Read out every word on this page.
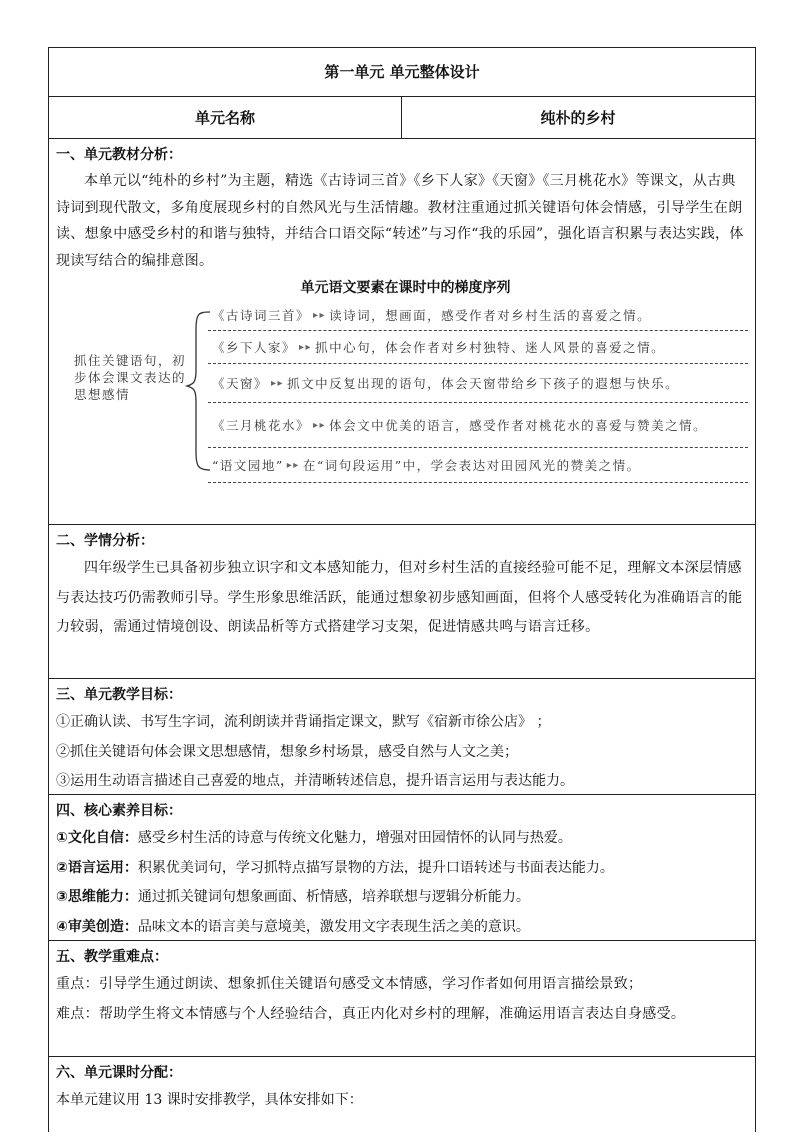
第一单元 单元整体设计
单元名称	纯朴的乡村
一、单元教材分析：
本单元以“纯朴的乡村”为主题，精选《古诗词三首》《乡下人家》《天窗》《三月桃花水》等课文，从古典诗词到现代散文，多角度展现乡村的自然风光与生活情趣。教材注重通过抓关键语句体会情感，引导学生在朗读、想象中感受乡村的和谐与独特，并结合口语交际“转述”与习作“我的乐园”，强化语言积累与表达实践，体现读写结合的编排意图。
单元语文要素在课时中的梯度序列
抓住关键语句，初步体会课文表达的思想感情
《古诗词三首》 ▸▸ 读诗词，想画面，感受作者对乡村生活的喜爱之情。
《乡下人家》 ▸▸ 抓中心句，体会作者对乡村独特、迷人风景的喜爱之情。
《天窗》 ▸▸ 抓文中反复出现的语句，体会天窗带给乡下孩子的遐想与快乐。
《三月桃花水》 ▸▸ 体会文中优美的语言，感受作者对桃花水的喜爱与赞美之情。
“语文园地” ▸▸ 在“词句段运用”中，学会表达对田园风光的赞美之情。
二、学情分析：
四年级学生已具备初步独立识字和文本感知能力，但对乡村生活的直接经验可能不足，理解文本深层情感与表达技巧仍需教师引导。学生形象思维活跃，能通过想象初步感知画面，但将个人感受转化为准确语言的能力较弱，需通过情境创设、朗读品析等方式搭建学习支架，促进情感共鸣与语言迁移。
三、单元教学目标：
①正确认读、书写生字词，流利朗读并背诵指定课文，默写《宿新市徐公店》 ；
②抓住关键语句体会课文思想感情，想象乡村场景，感受自然与人文之美；
③运用生动语言描述自己喜爱的地点，并清晰转述信息，提升语言运用与表达能力。
四、核心素养目标：
①文化自信：感受乡村生活的诗意与传统文化魅力，增强对田园情怀的认同与热爱。
②语言运用：积累优美词句，学习抓特点描写景物的方法，提升口语转述与书面表达能力。
③思维能力：通过抓关键词句想象画面、析情感，培养联想与逻辑分析能力。
④审美创造：品味文本的语言美与意境美，激发用文字表现生活之美的意识。
五、教学重难点：
重点：引导学生通过朗读、想象抓住关键语句感受文本情感，学习作者如何用语言描绘景致；
难点：帮助学生将文本情感与个人经验结合，真正内化对乡村的理解，准确运用语言表达自身感受。
六、单元课时分配：
本单元建议用 13 课时安排教学，具体安排如下：
